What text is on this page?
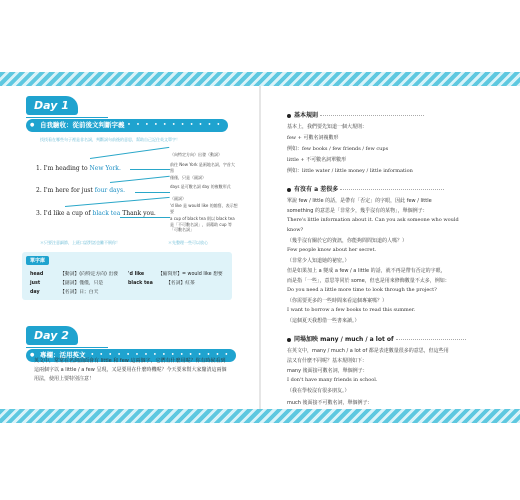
Day 1
● 自我驗收：從前後文判斷字義
• • • • • • • • • • • •
找找看在哪些句子裡是非名詞，判斷詞句前後的意思，幫助自己記住英文單字！
1. I'm heading to New York.
2. I'm here for just four days.
3. I'd like a cup of black tea Thank you.
（向特定方向）出發（動詞）
前往 New York 是兩地名詞，字首大寫
僅僅，只是（副詞）
days 是可數名詞 day 的複數形式
（副詞）
'd like 是 would like 的縮寫，表示想要
a cup of black tea 則以 black tea 是「不可數名詞」，須藉助 cup 等「可數名詞」
＊只要注意細節，上班口語對話也難不倒你！	＊先整理一些可以放心
單字庫
head	【動詞】(向特定方向) 出發 'd like	【縮寫形】= would like 想要
just	【副詞】僅僅，只是	black tea	【名詞】紅茶
day	【名詞】日；白天
Day 2
● 專欄：活用英文
• • • • • • • • • • • • • • • • • •
英文中，常常在名詞前面會有 little 和 few 這兩個字，它們有什麼用呢？你有時候看到這兩個字以 a little / a few 呈現，又是要用在什麼時機呢？今天要來幫大家釐清這兩個用法，使用上要特別注意！
基本規則
基本上，我們要先知道一個大規則：
few + 可數名詞複數形
例如：few books / few friends / few cups
little + 不可數名詞單數形
例如：little water / little money / little information
有沒有 a 差很多
單說 few / little 的話，是帶有「否定」的字眼，因此 few / little
something 的意思是「非常少，幾乎沒有的某物」，舉個例子：
There's little information about it. Can you ask someone who would
know?
（幾乎沒有關於它的資訊，你能夠問問知道的人嗎？）
Few people know about her secret.
（非常少人知道她的祕密。）
但是如果加上 a 變成 a few / a little 的話，就不再是帶有否定的字眼，
而是指「一些」，意思等同於 some，但也是用來修飾數量不太多，例如：
Do you need a little more time to look through the project?
（你需要更多的一些時間來看這個專案嗎？）
I want to borrow a few books to read this summer.
（這個夏天我想借一些書來讀。）
同場加映 many / much / a lot of
在英文中，many / much / a lot of 都是表達數量很多的意思，但這些用
法又有什麼不同呢？基本規則如下：
many 後面接可數名詞，舉個例子：
I don't have many friends in school.
（我在學校沒有很多朋友。）
much 後面接不可數名詞，舉個例子：
